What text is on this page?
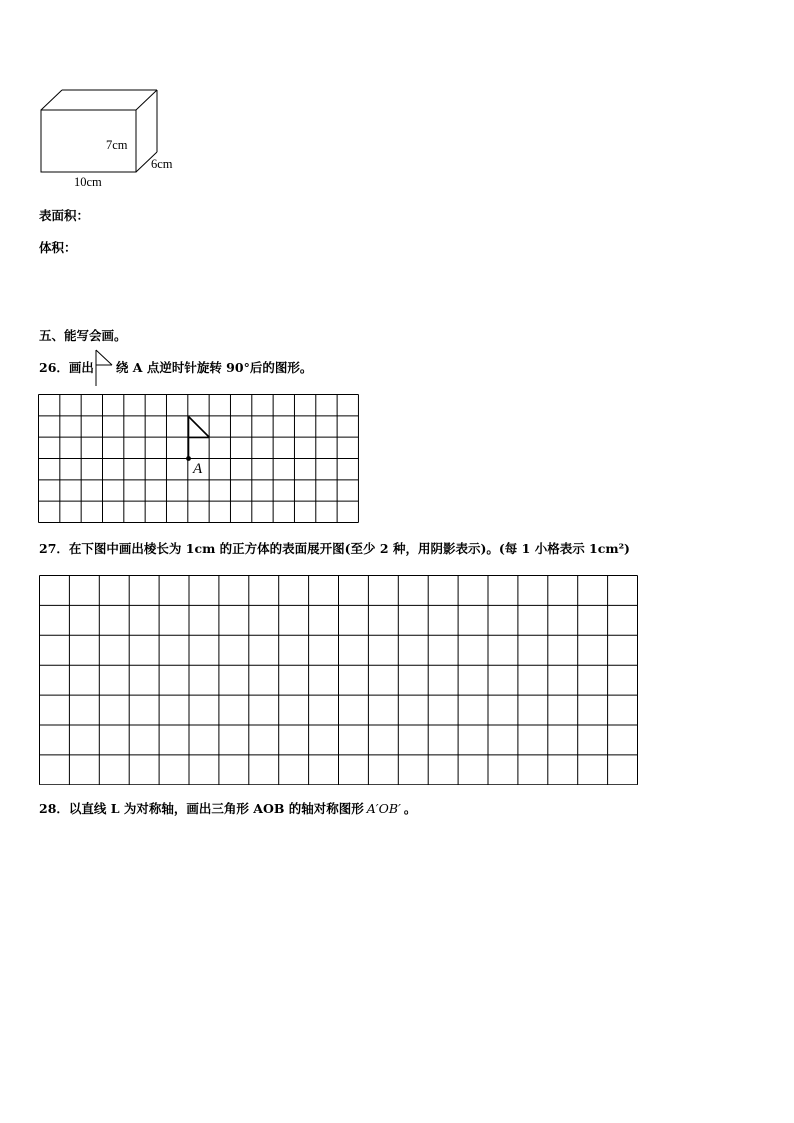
7cm
6cm
10cm
表面积：
体积：
五、能写会画。
26．画出 绕 A 点逆时针旋转 90°后的图形。
A
27．在下图中画出棱长为 1cm 的正方体的表面展开图(至少 2 种，用阴影表示)。(每 1 小格表示 1cm²)
28．以直线 L 为对称轴，画出三角形 AOB 的轴对称图形 A′OB′ 。
